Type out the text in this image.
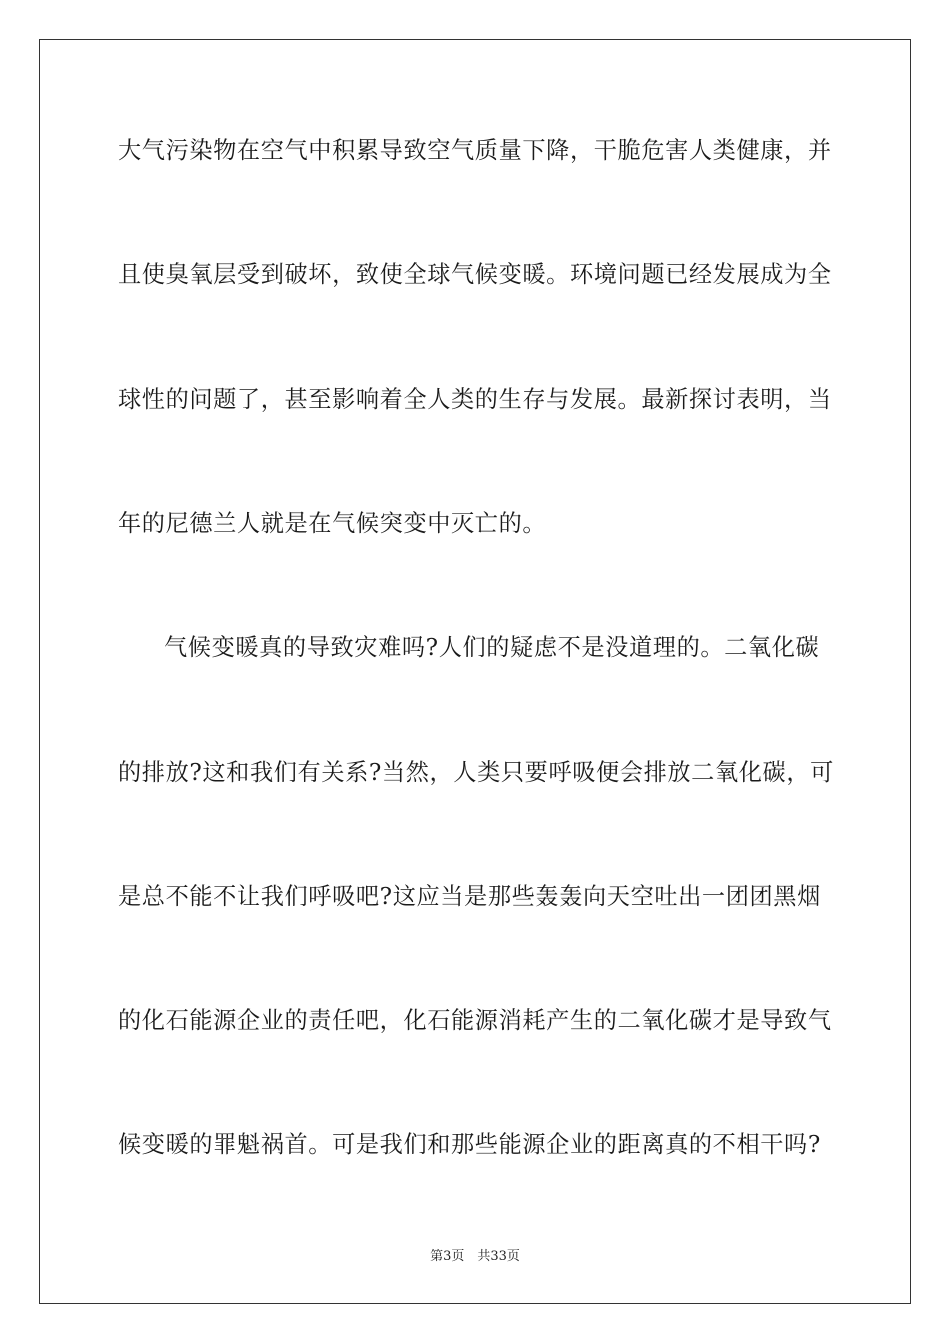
大气污染物在空气中积累导致空气质量下降，干脆危害人类健康，并
且使臭氧层受到破坏，致使全球气候变暖。环境问题已经发展成为全
球性的问题了，甚至影响着全人类的生存与发展。最新探讨表明，当
年的尼德兰人就是在气候突变中灭亡的。
气候变暖真的导致灾难吗?人们的疑虑不是没道理的。二氧化碳
的排放?这和我们有关系?当然，人类只要呼吸便会排放二氧化碳，可
是总不能不让我们呼吸吧?这应当是那些轰轰向天空吐出一团团黑烟
的化石能源企业的责任吧，化石能源消耗产生的二氧化碳才是导致气
候变暖的罪魁祸首。可是我们和那些能源企业的距离真的不相干吗?
第3页　共33页
